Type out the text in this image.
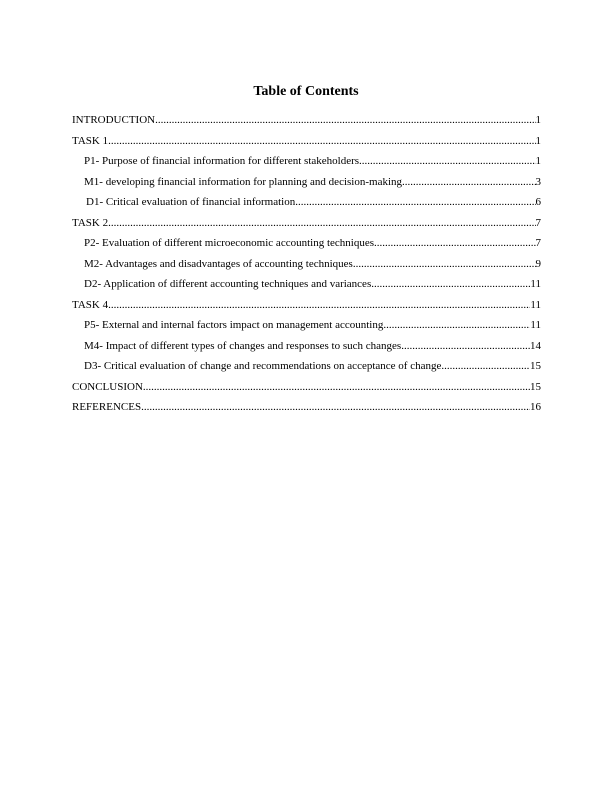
Table of Contents
INTRODUCTION .....	1
TASK 1 .....	1
P1- Purpose of financial information for different stakeholders .....	1
M1- developing financial information for planning and decision-making .....	3
D1- Critical evaluation of financial information .....	6
TASK 2 .....	7
P2- Evaluation of different microeconomic accounting techniques .....	7
M2- Advantages and disadvantages of accounting techniques .....	9
D2- Application of different accounting techniques and variances .....	11
TASK 4 .....	11
P5- External and internal factors impact on management accounting .....	11
M4- Impact of different types of changes and responses to such changes .....	14
D3- Critical evaluation of change and recommendations on acceptance of change .....	15
CONCLUSION .....	15
REFERENCES .....	16
